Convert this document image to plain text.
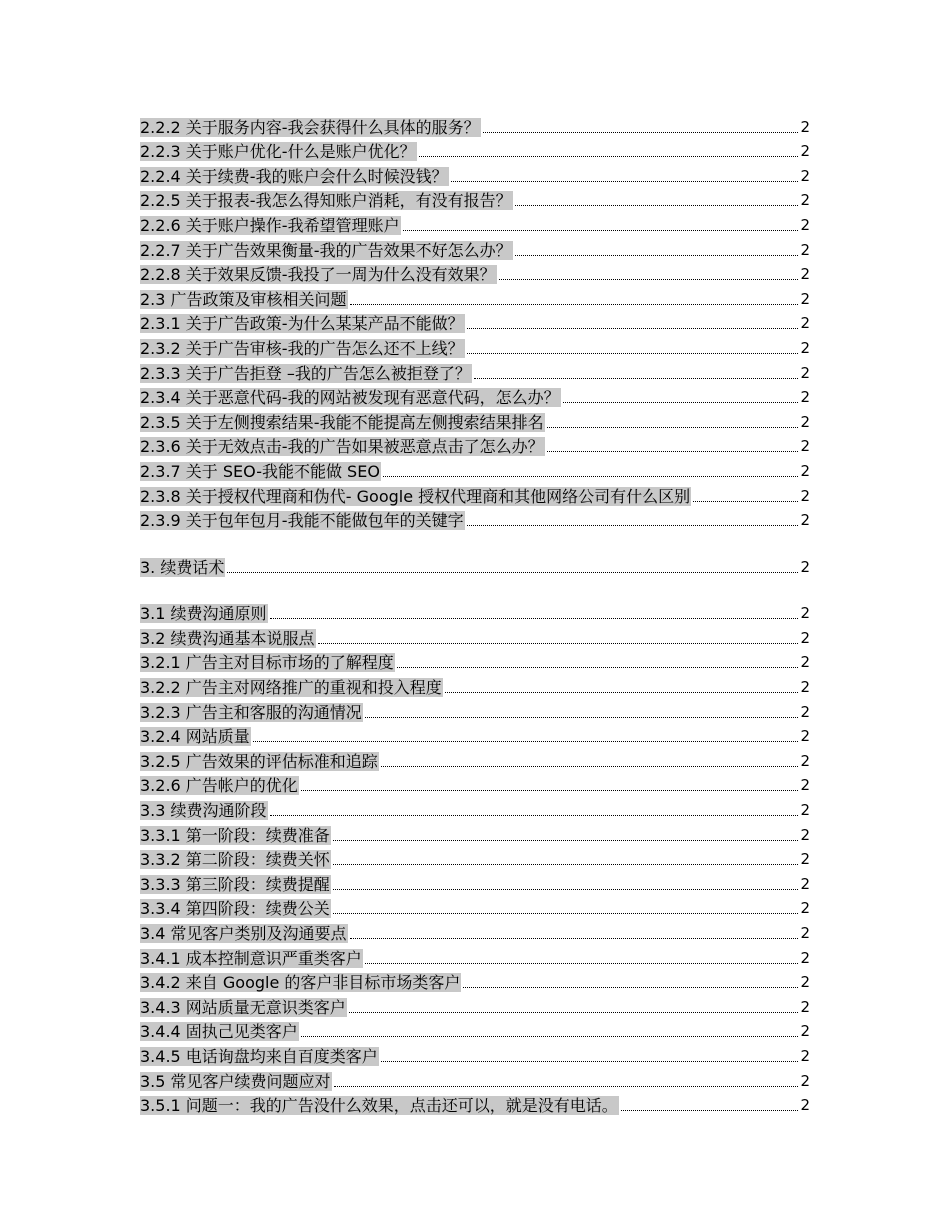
2.2.2 关于服务内容-我会获得什么具体的服务？	2
2.2.3 关于账户优化-什么是账户优化？	2
2.2.4 关于续费-我的账户会什么时候没钱？	2
2.2.5 关于报表-我怎么得知账户消耗，有没有报告？	2
2.2.6 关于账户操作-我希望管理账户	2
2.2.7 关于广告效果衡量-我的广告效果不好怎么办？	2
2.2.8 关于效果反馈-我投了一周为什么没有效果？	2
2.3 广告政策及审核相关问题	2
2.3.1 关于广告政策-为什么某某产品不能做？	2
2.3.2 关于广告审核-我的广告怎么还不上线？	2
2.3.3 关于广告拒登 –我的广告怎么被拒登了？	2
2.3.4 关于恶意代码-我的网站被发现有恶意代码，怎么办？	2
2.3.5 关于左侧搜索结果-我能不能提高左侧搜索结果排名	2
2.3.6 关于无效点击-我的广告如果被恶意点击了怎么办？	2
2.3.7 关于 SEO-我能不能做 SEO	2
2.3.8 关于授权代理商和伪代- Google 授权代理商和其他网络公司有什么区别	2
2.3.9 关于包年包月-我能不能做包年的关键字	2
3. 续费话术	2
3.1 续费沟通原则	2
3.2 续费沟通基本说服点	2
3.2.1 广告主对目标市场的了解程度	2
3.2.2 广告主对网络推广的重视和投入程度	2
3.2.3 广告主和客服的沟通情况	2
3.2.4 网站质量	2
3.2.5 广告效果的评估标准和追踪	2
3.2.6 广告帐户的优化	2
3.3 续费沟通阶段	2
3.3.1 第一阶段：续费准备	2
3.3.2 第二阶段：续费关怀	2
3.3.3 第三阶段：续费提醒	2
3.3.4 第四阶段：续费公关	2
3.4 常见客户类别及沟通要点	2
3.4.1 成本控制意识严重类客户	2
3.4.2 来自 Google 的客户非目标市场类客户	2
3.4.3 网站质量无意识类客户	2
3.4.4 固执己见类客户	2
3.4.5 电话询盘均来自百度类客户	2
3.5 常见客户续费问题应对	2
3.5.1 问题一：我的广告没什么效果，点击还可以，就是没有电话。	2
